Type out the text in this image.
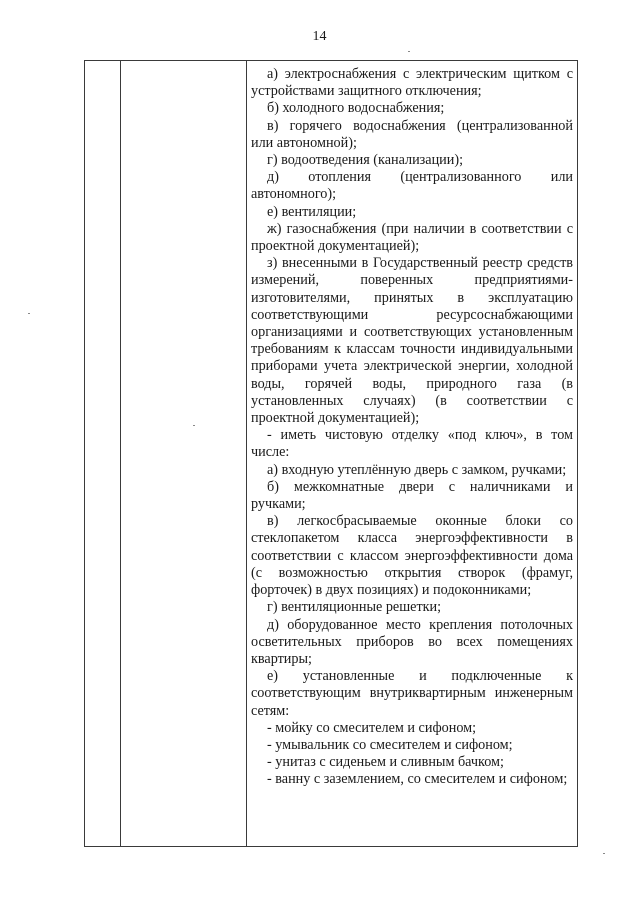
14

а) электроснабжения с электрическим щитком с устройствами защитного отключения;

б) холодного водоснабжения;

в) горячего водоснабжения (централизованной или автономной);

г) водоотведения (канализации);

д) отопления (централизованного или автономного);

е) вентиляции;

ж) газоснабжения (при наличии в соответствии с проектной документацией);

з) внесенными в Государственный реестр средств измерений, поверенных предприятиями-изготовителями, принятых в эксплуатацию соответствующими ресурсоснабжающими организациями и соответствующих установленным требованиям к классам точности индивидуальными приборами учета электрической энергии, холодной воды, горячей воды, природного газа (в установленных случаях) (в соответствии с проектной документацией);

- иметь чистовую отделку «под ключ», в том числе:

а) входную утеплённую дверь с замком, ручками;

б) межкомнатные двери с наличниками и ручками;

в) легкосбрасываемые оконные блоки со стеклопакетом класса энергоэффективности в соответствии с классом энергоэффективности дома (с возможностью открытия створок (фрамуг, форточек) в двух позициях) и подоконниками;

г) вентиляционные решетки;

д) оборудованное место крепления потолочных осветительных приборов во всех помещениях квартиры;

е) установленные и подключенные к соответствующим внутриквартирным инженерным сетям:

- мойку со смесителем и сифоном;

- умывальник со смесителем и сифоном;

- унитаз с сиденьем и сливным бачком;

- ванну с заземлением, со смесителем и сифоном;
